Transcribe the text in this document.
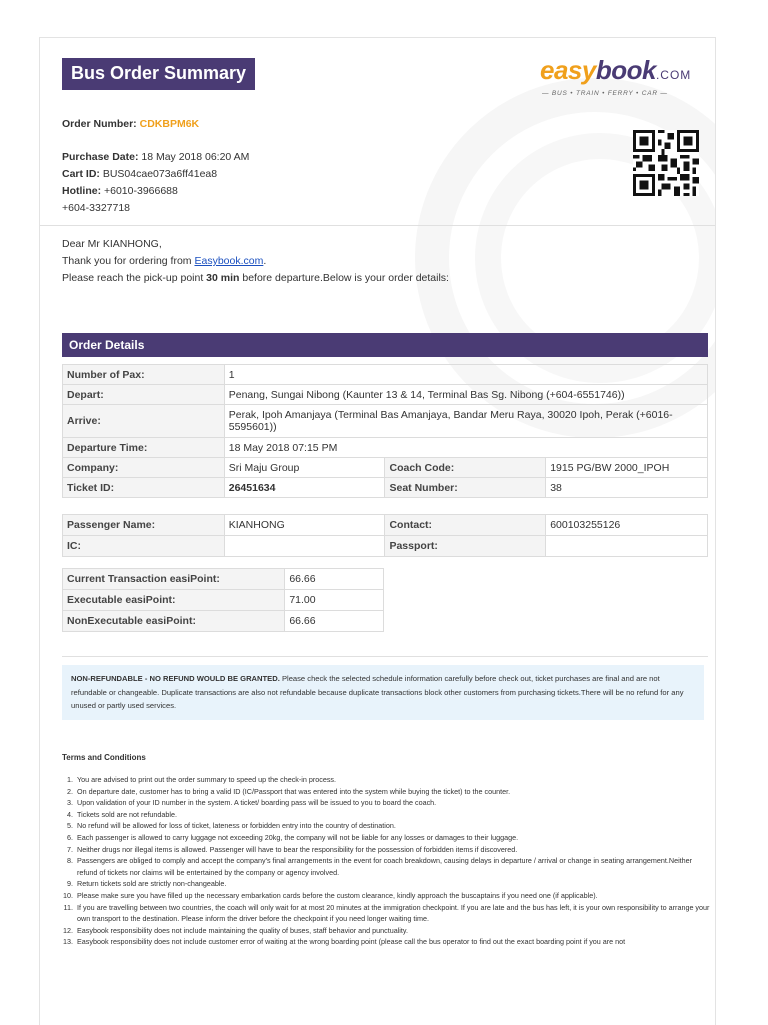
Bus Order Summary	easybook.COM
— BUS • TRAIN • FERRY • CAR —
Order Number: CDKBPM6K
Purchase Date: 18 May 2018 06:20 AM
Cart ID: BUS04cae073a6ff41ea8
Hotline: +6010-3966688
+604-3327718
Dear Mr KIANHONG,
Thank you for ordering from Easybook.com.
Please reach the pick-up point 30 min before departure.Below is your order details:
Order Details
Number of Pax:	1		
Depart:	Penang, Sungai Nibong (Kaunter 13 & 14, Terminal Bas Sg. Nibong (+604-6551746))		
Arrive:	Perak, Ipoh Amanjaya (Terminal Bas Amanjaya, Bandar Meru Raya, 30020 Ipoh, Perak (+6016-5595601))		
Departure Time:	18 May 2018 07:15 PM		
Company:	Sri Maju Group	Coach Code:	1915 PG/BW 2000_IPOH
Ticket ID:	26451634	Seat Number:	38
Passenger Name:	KIANHONG	Contact:	600103255126
IC:		Passport:	
Current Transaction easiPoint:	66.66
Executable easiPoint:	71.00
NonExecutable easiPoint:	66.66
NON-REFUNDABLE - NO REFUND WOULD BE GRANTED. Please check the selected schedule information carefully before check out, ticket purchases are final and are not refundable or changeable. Duplicate transactions are also not refundable because duplicate transactions block other customers from purchasing tickets.There will be no refund for any unused or partly used services.
Terms and Conditions
1. You are advised to print out the order summary to speed up the check-in process.
2. On departure date, customer has to bring a valid ID (IC/Passport that was entered into the system while buying the ticket) to the counter.
3. Upon validation of your ID number in the system. A ticket/ boarding pass will be issued to you to board the coach.
4. Tickets sold are not refundable.
5. No refund will be allowed for loss of ticket, lateness or forbidden entry into the country of destination.
6. Each passenger is allowed to carry luggage not exceeding 20kg, the company will not be liable for any losses or damages to their luggage.
7. Neither drugs nor illegal items is allowed. Passenger will have to bear the responsibility for the possession of forbidden items if discovered.
8. Passengers are obliged to comply and accept the company's final arrangements in the event for coach breakdown, causing delays in departure / arrival or change in seating arrangement.Neither refund of tickets nor claims will be entertained by the company or agency involved.
9. Return tickets sold are strictly non-changeable.
10. Please make sure you have filled up the necessary embarkation cards before the custom clearance, kindly approach the buscaptains if you need one (if applicable).
11. If you are travelling between two countries, the coach will only wait for at most 20 minutes at the immigration checkpoint. If you are late and the bus has left, it is your own responsibility to arrange your own transport to the destination. Please inform the driver before the checkpoint if you need longer waiting time.
12. Easybook responsibility does not include maintaining the quality of buses, staff behavior and punctuality.
13. Easybook responsibility does not include customer error of waiting at the wrong boarding point (please call the bus operator to find out the exact boarding point if you are not
